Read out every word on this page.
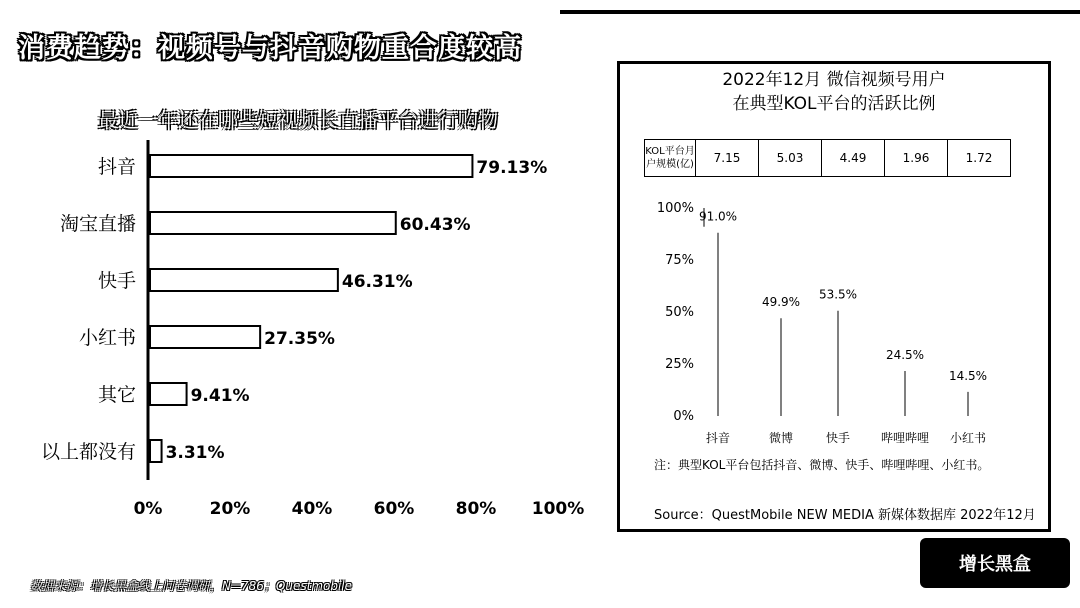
消费趋势：视频号与抖音购物重合度较高
最近一年还在哪些短视频长直播平台进行购物
抖音	79.13%
淘宝直播	60.43%
快手	46.31%
小红书	27.35%
其它	9.41%
以上都没有 3.31%
0%	20% 40% 60% 80% 100%
数据来源：增长黑盒线上问卷调研，N=786；Questmobile
2022年12月 微信视频号用户
在典型KOL平台的活跃比例
KOL平台月户规模(亿)	7.15	5.03	4.49	1.96	1.72
0%
25%
50%
75%
100%
91.0%
抖音
49.9%
微博
53.5%
快手
24.5%
哔哩哔哩
14.5%
小红书
注：典型KOL平台包括抖音、微博、快手、哔哩哔哩、小红书。
Source：QuestMobile NEW MEDIA 新媒体数据库 2022年12月
增长黑盒
